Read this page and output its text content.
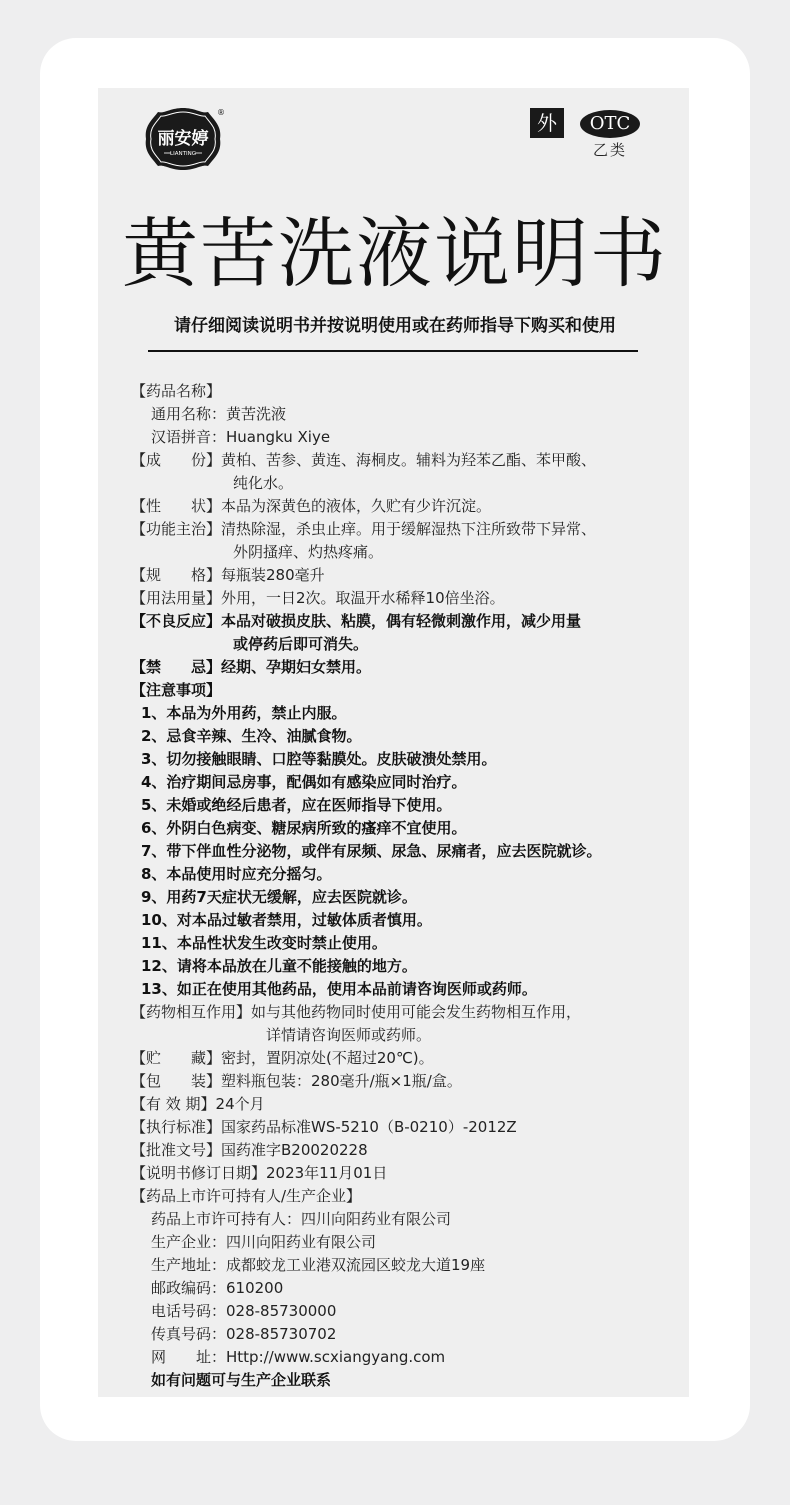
丽安婷
LIANTING
®	外	OTC
乙类
黄苦洗液说明书
请仔细阅读说明书并按说明使用或在药师指导下购买和使用
【药品名称】
通用名称：黄苦洗液
汉语拼音：Huangku Xiye
【成　　份】黄柏、苦参、黄连、海桐皮。辅料为羟苯乙酯、苯甲酸、
纯化水。
【性　　状】本品为深黄色的液体，久贮有少许沉淀。
【功能主治】清热除湿，杀虫止痒。用于缓解湿热下注所致带下异常、
外阴搔痒、灼热疼痛。
【规　　格】每瓶装280毫升
【用法用量】外用，一日2次。取温开水稀释10倍坐浴。
【不良反应】本品对破损皮肤、粘膜，偶有轻微刺激作用，减少用量
或停药后即可消失。
【禁　　忌】经期、孕期妇女禁用。
【注意事项】
1、本品为外用药，禁止内服。
2、忌食辛辣、生冷、油腻食物。
3、切勿接触眼睛、口腔等黏膜处。皮肤破溃处禁用。
4、治疗期间忌房事，配偶如有感染应同时治疗。
5、未婚或绝经后患者，应在医师指导下使用。
6、外阴白色病变、糖尿病所致的瘙痒不宜使用。
7、带下伴血性分泌物，或伴有尿频、尿急、尿痛者，应去医院就诊。
8、本品使用时应充分摇匀。
9、用药7天症状无缓解，应去医院就诊。
10、对本品过敏者禁用，过敏体质者慎用。
11、本品性状发生改变时禁止使用。
12、请将本品放在儿童不能接触的地方。
13、如正在使用其他药品，使用本品前请咨询医师或药师。
【药物相互作用】如与其他药物同时使用可能会发生药物相互作用，
详情请咨询医师或药师。
【贮　　藏】密封，置阴凉处(不超过20℃)。
【包　　装】塑料瓶包装：280毫升/瓶×1瓶/盒。
【有 效 期】24个月
【执行标准】国家药品标准WS-5210（B-0210）-2012Z
【批准文号】国药准字B20020228
【说明书修订日期】2023年11月01日
【药品上市许可持有人/生产企业】
药品上市许可持有人：四川向阳药业有限公司
生产企业：四川向阳药业有限公司
生产地址：成都蛟龙工业港双流园区蛟龙大道19座
邮政编码：610200
电话号码：028-85730000
传真号码：028-85730702
网　　址：Http://www.scxiangyang.com
如有问题可与生产企业联系
